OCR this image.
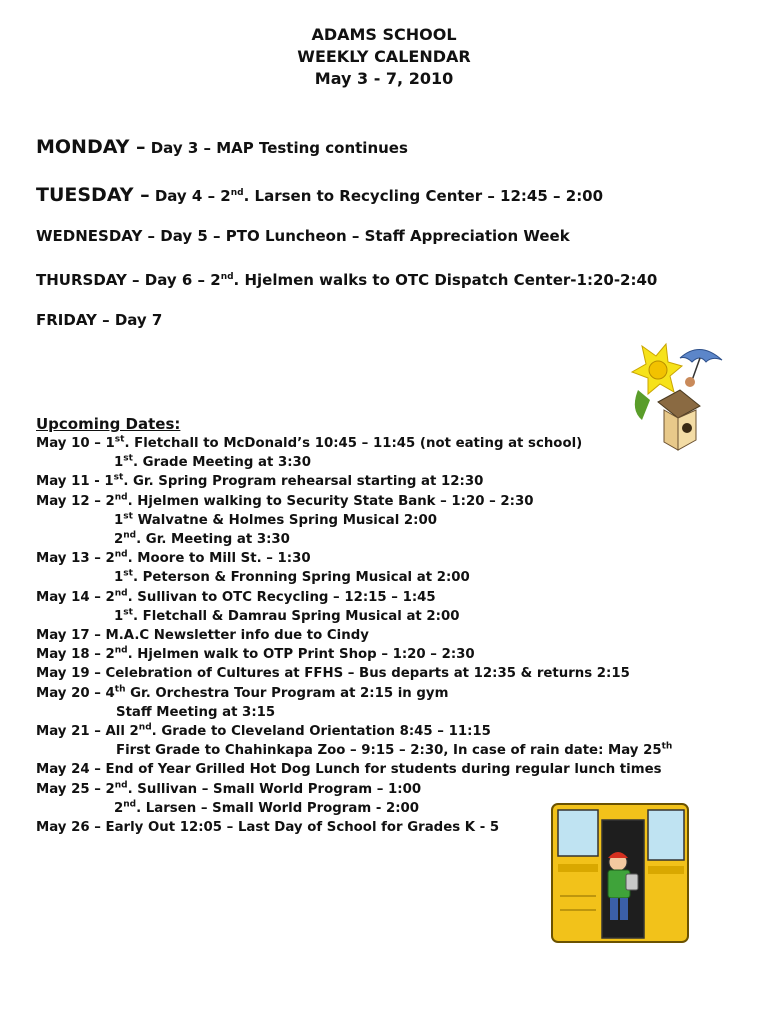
ADAMS SCHOOL
WEEKLY CALENDAR
May 3 - 7, 2010
MONDAY – Day 3 – MAP Testing continues
TUESDAY – Day 4 – 2nd. Larsen to Recycling Center – 12:45 – 2:00
WEDNESDAY – Day 5 – PTO Luncheon – Staff Appreciation Week
THURSDAY – Day 6 – 2nd. Hjelmen walks to OTC Dispatch Center-1:20-2:40
FRIDAY – Day 7
Upcoming Dates:
May 10 – 1st. Fletchall to McDonald’s 10:45 – 11:45 (not eating at school)
1st. Grade Meeting at 3:30
May 11 - 1st. Gr. Spring Program rehearsal starting at 12:30
May 12 – 2nd. Hjelmen walking to Security State Bank – 1:20 – 2:30
1st Walvatne & Holmes Spring Musical 2:00
2nd. Gr. Meeting at 3:30
May 13 – 2nd. Moore to Mill St. – 1:30
1st. Peterson & Fronning Spring Musical at 2:00
May 14 – 2nd. Sullivan to OTC Recycling – 12:15 – 1:45
1st. Fletchall & Damrau Spring Musical at 2:00
May 17 – M.A.C Newsletter info due to Cindy
May 18 – 2nd. Hjelmen walk to OTP Print Shop – 1:20 – 2:30
May 19 – Celebration of Cultures at FFHS – Bus departs at 12:35 & returns 2:15
May 20 – 4th Gr. Orchestra Tour Program at 2:15 in gym
Staff Meeting at 3:15
May 21 – All 2nd. Grade to Cleveland Orientation 8:45 – 11:15
First Grade to Chahinkapa Zoo – 9:15 – 2:30, In case of rain date: May 25th
May 24 – End of Year Grilled Hot Dog Lunch for students during regular lunch times
May 25 – 2nd. Sullivan – Small World Program – 1:00
2nd. Larsen – Small World Program - 2:00
May 26 – Early Out 12:05 – Last Day of School for Grades K - 5
